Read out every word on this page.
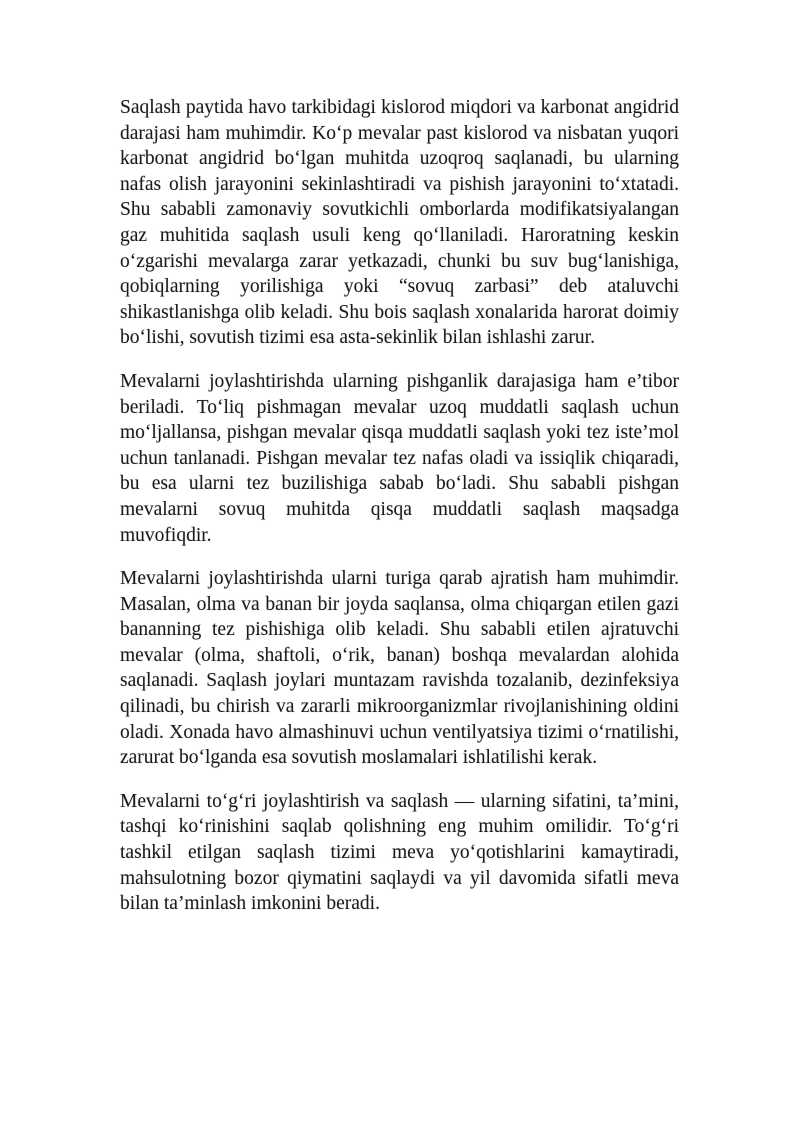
Saqlash paytida havo tarkibidagi kislorod miqdori va karbonat angidrid darajasi ham muhimdir. Ko‘p mevalar past kislorod va nisbatan yuqori karbonat angidrid bo‘lgan muhitda uzoqroq saqlanadi, bu ularning nafas olish jarayonini sekinlashtiradi va pishish jarayonini to‘xtatadi. Shu sababli zamonaviy sovutkichli omborlarda modifikatsiyalangan gaz muhitida saqlash usuli keng qo‘llaniladi. Haroratning keskin o‘zgarishi mevalarga zarar yetkazadi, chunki bu suv bug‘lanishiga, qobiqlarning yorilishiga yoki “sovuq zarbasi” deb ataluvchi shikastlanishga olib keladi. Shu bois saqlash xonalarida harorat doimiy bo‘lishi, sovutish tizimi esa asta-sekinlik bilan ishlashi zarur.

Mevalarni joylashtirishda ularning pishganlik darajasiga ham e’tibor beriladi. To‘liq pishmagan mevalar uzoq muddatli saqlash uchun mo‘ljallansa, pishgan mevalar qisqa muddatli saqlash yoki tez iste’mol uchun tanlanadi. Pishgan mevalar tez nafas oladi va issiqlik chiqaradi, bu esa ularni tez buzilishiga sabab bo‘ladi. Shu sababli pishgan mevalarni sovuq muhitda qisqa muddatli saqlash maqsadga muvofiqdir.

Mevalarni joylashtirishda ularni turiga qarab ajratish ham muhimdir. Masalan, olma va banan bir joyda saqlansa, olma chiqargan etilen gazi bananning tez pishishiga olib keladi. Shu sababli etilen ajratuvchi mevalar (olma, shaftoli, o‘rik, banan) boshqa mevalardan alohida saqlanadi. Saqlash joylari muntazam ravishda tozalanib, dezinfeksiya qilinadi, bu chirish va zararli mikroorganizmlar rivojlanishining oldini oladi. Xonada havo almashinuvi uchun ventilyatsiya tizimi o‘rnatilishi, zarurat bo‘lganda esa sovutish moslamalari ishlatilishi kerak.

Mevalarni to‘g‘ri joylashtirish va saqlash — ularning sifatini, ta’mini, tashqi ko‘rinishini saqlab qolishning eng muhim omilidir. To‘g‘ri tashkil etilgan saqlash tizimi meva yo‘qotishlarini kamaytiradi, mahsulotning bozor qiymatini saqlaydi va yil davomida sifatli meva bilan ta’minlash imkonini beradi.
